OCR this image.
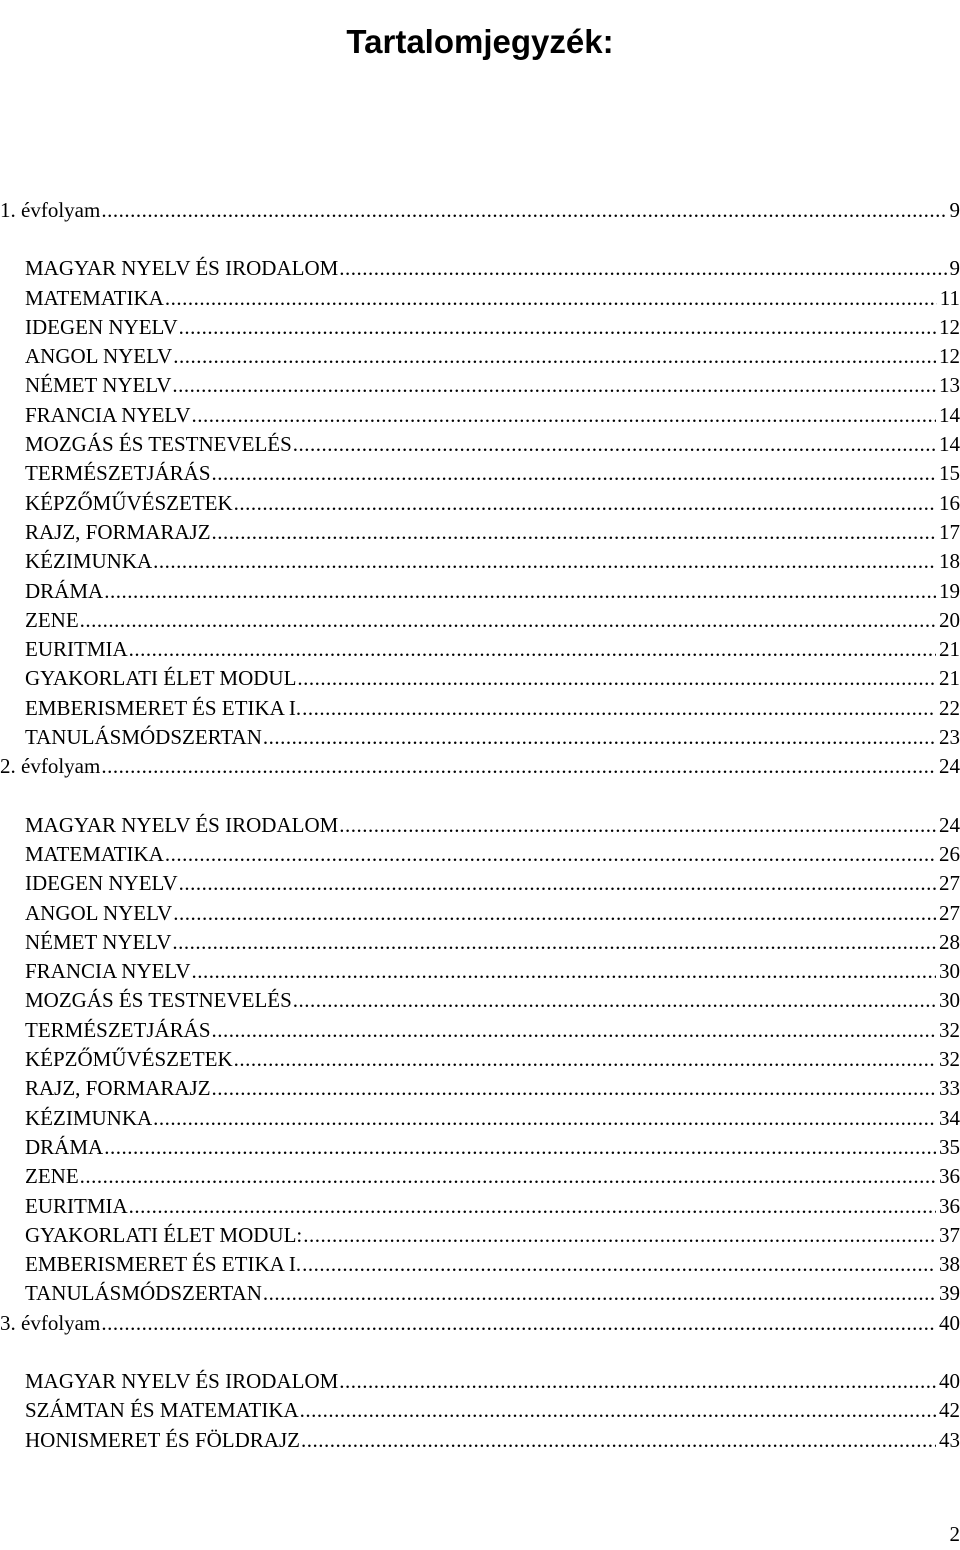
Tartalomjegyzék:
1. évfolyam .....	9
MAGYAR NYELV ÉS IRODALOM .....	9
MATEMATIKA .....	11
IDEGEN NYELV .....	12
ANGOL NYELV .....	12
NÉMET NYELV .....	13
FRANCIA NYELV .....	14
MOZGÁS ÉS TESTNEVELÉS .....	14
TERMÉSZETJÁRÁS .....	15
KÉPZŐMŰVÉSZETEK .....	16
RAJZ, FORMARAJZ .....	17
KÉZIMUNKA .....	18
DRÁMA .....	19
ZENE .....	20
EURITMIA .....	21
GYAKORLATI ÉLET MODUL .....	21
EMBERISMERET ÉS ETIKA I. .....	22
TANULÁSMÓDSZERTAN .....	23
2. évfolyam .....	24
MAGYAR NYELV ÉS IRODALOM .....	24
MATEMATIKA .....	26
IDEGEN NYELV .....	27
ANGOL NYELV .....	27
NÉMET NYELV .....	28
FRANCIA NYELV .....	30
MOZGÁS ÉS TESTNEVELÉS .....	30
TERMÉSZETJÁRÁS .....	32
KÉPZŐMŰVÉSZETEK .....	32
RAJZ, FORMARAJZ .....	33
KÉZIMUNKA .....	34
DRÁMA .....	35
ZENE .....	36
EURITMIA .....	36
GYAKORLATI ÉLET MODUL: .....	37
EMBERISMERET ÉS ETIKA I. .....	38
TANULÁSMÓDSZERTAN .....	39
3. évfolyam .....	40
MAGYAR NYELV ÉS IRODALOM .....	40
SZÁMTAN ÉS MATEMATIKA .....	42
HONISMERET ÉS FÖLDRAJZ .....	43
2
